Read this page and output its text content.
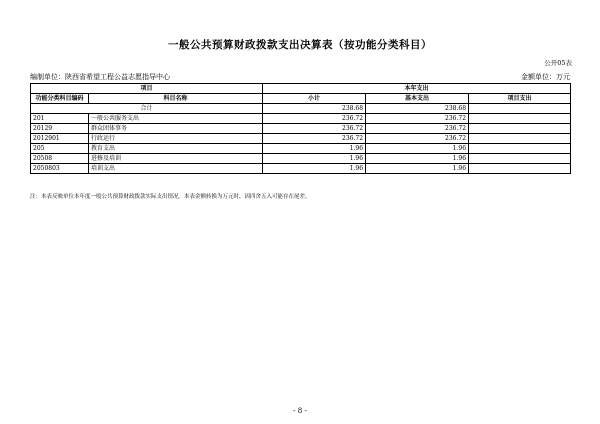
一般公共预算财政拨款支出决算表（按功能分类科目）
公开05表
编制单位：陕西省希望工程公益志愿指导中心	金额单位：万元
项目		本年支出		
功能分类科目编码	科目名称	小计	基本支出	项目支出
合计		238.68	238.68	
201	一般公共服务支出	236.72	236.72	
20129	群众团体事务	236.72	236.72	
2012901	行政运行	236.72	236.72	
205	教育支出	1.96	1.96	
20508	进修及培训	1.96	1.96	
2050803	培训支出	1.96	1.96	
注：本表反映单位本年度一般公共预算财政拨款实际支出情况。本表金额转换为万元时，因四舍五入可能存在尾差。
- 8 -
